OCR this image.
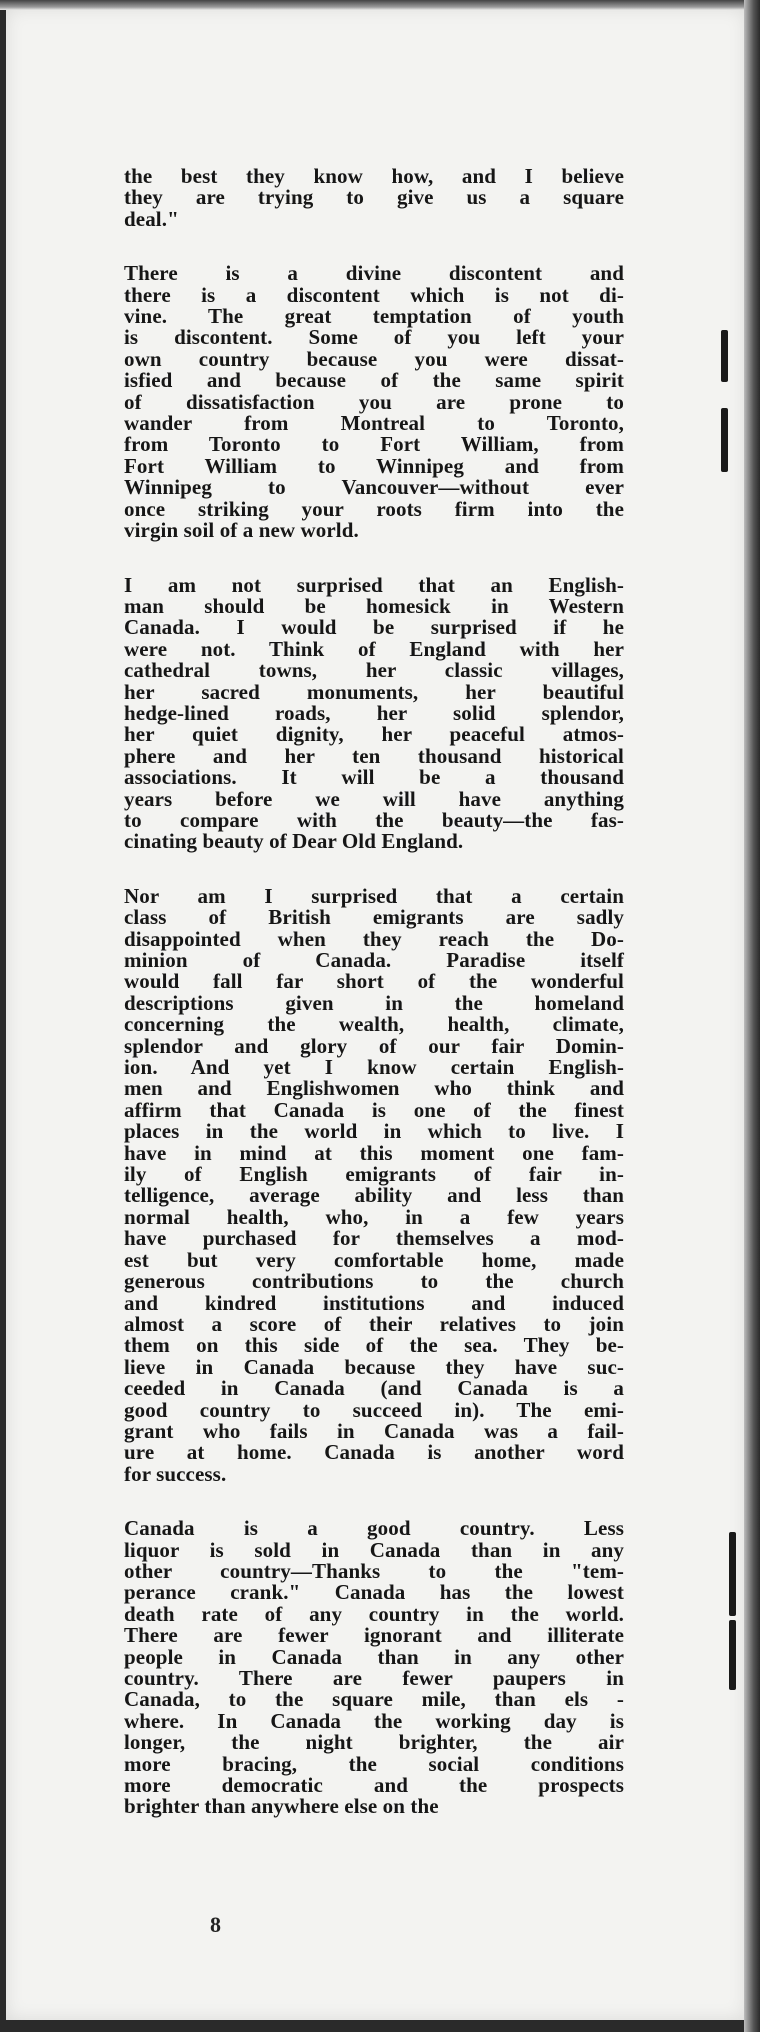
the best they know how, and I believe
they are trying to give us a square
deal."
There is a divine discontent and
there is a discontent which is not di-
vine. The great temptation of youth
is discontent. Some of you left your
own country because you were dissat-
isfied and because of the same spirit
of dissatisfaction you are prone to
wander from Montreal to Toronto,
from Toronto to Fort William, from
Fort William to Winnipeg and from
Winnipeg to Vancouver—without ever
once striking your roots firm into the
virgin soil of a new world.
I am not surprised that an English-
man should be homesick in Western
Canada. I would be surprised if he
were not. Think of England with her
cathedral towns, her classic villages,
her sacred monuments, her beautiful
hedge-lined roads, her solid splendor,
her quiet dignity, her peaceful atmos-
phere and her ten thousand historical
associations. It will be a thousand
years before we will have anything
to compare with the beauty—the fas-
cinating beauty of Dear Old England.
Nor am I surprised that a certain
class of British emigrants are sadly
disappointed when they reach the Do-
minion of Canada. Paradise itself
would fall far short of the wonderful
descriptions given in the homeland
concerning the wealth, health, climate,
splendor and glory of our fair Domin-
ion. And yet I know certain English-
men and Englishwomen who think and
affirm that Canada is one of the finest
places in the world in which to live. I
have in mind at this moment one fam-
ily of English emigrants of fair in-
telligence, average ability and less than
normal health, who, in a few years
have purchased for themselves a mod-
est but very comfortable home, made
generous contributions to the church
and kindred institutions and induced
almost a score of their relatives to join
them on this side of the sea. They be-
lieve in Canada because they have suc-
ceeded in Canada (and Canada is a
good country to succeed in). The emi-
grant who fails in Canada was a fail-
ure at home. Canada is another word
for success.
Canada is a good country. Less
liquor is sold in Canada than in any
other country—Thanks to the "tem-
perance crank." Canada has the lowest
death rate of any country in the world.
There are fewer ignorant and illiterate
people in Canada than in any other
country. There are fewer paupers in
Canada, to the square mile, than els -
where. In Canada the working day is
longer, the night brighter, the air
more bracing, the social conditions
more democratic and the prospects
brighter than anywhere else on the
8
